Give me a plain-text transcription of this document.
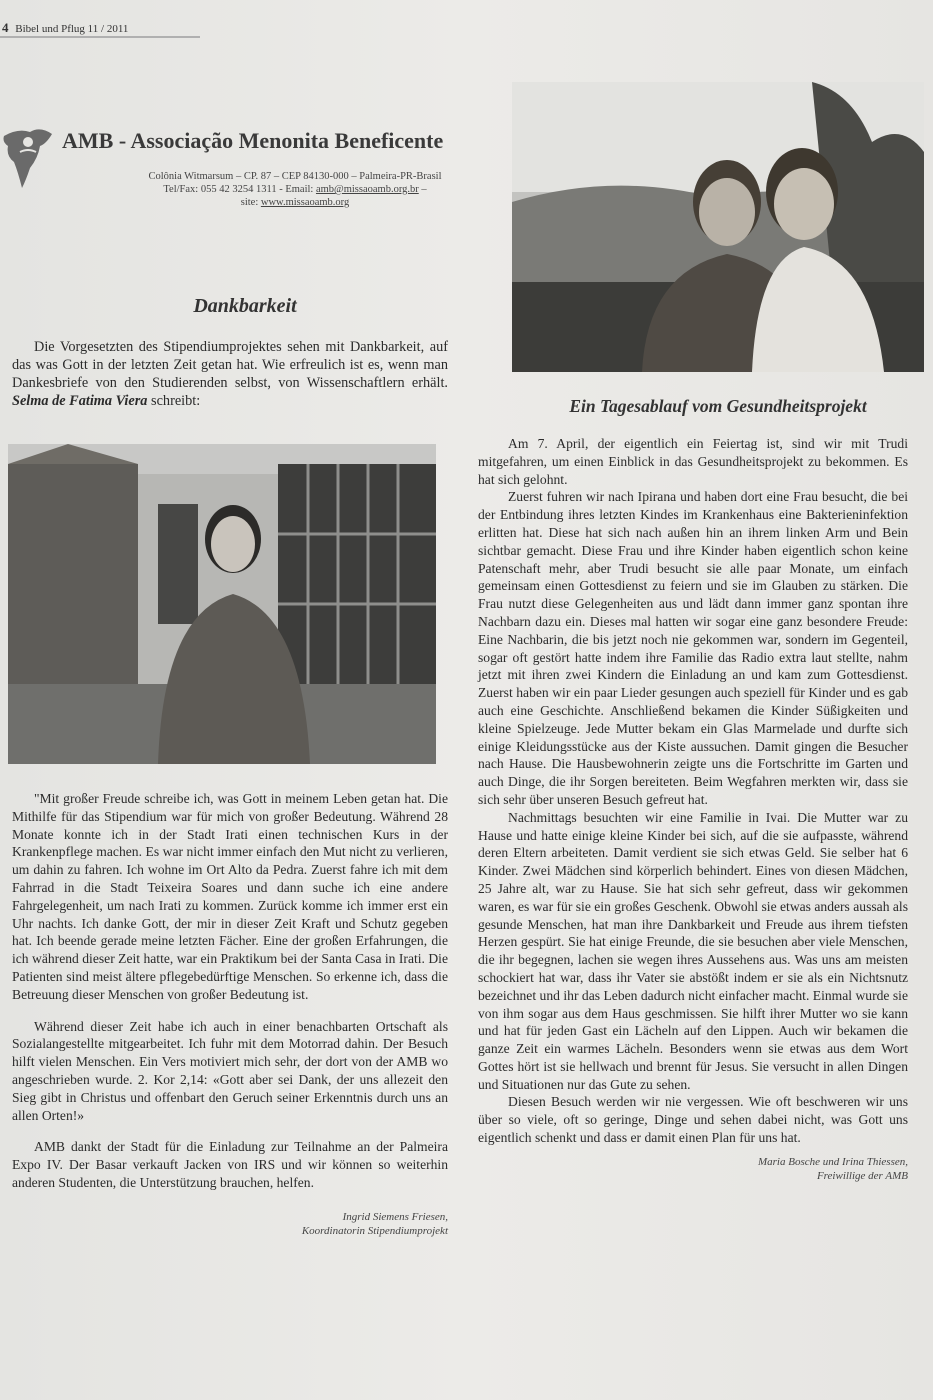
4 Bibel und Pflug 11 / 2011
AMB - Associação Menonita Beneficente
Colônia Witmarsum – CP. 87 – CEP 84130-000 – Palmeira-PR-Brasil
Tel/Fax: 055 42 3254 1311 - Email: amb@missaoamb.org.br –
site: www.missaoamb.org
Dankbarkeit
Die Vorgesetzten des Stipendiumprojektes sehen mit Dankbarkeit, auf das was Gott in der letzten Zeit getan hat. Wie erfreulich ist es, wenn man Dankesbriefe von den Studierenden selbst, von Wissenschaftlern erhält. Selma de Fatima Viera schreibt:

"Mit großer Freude schreibe ich, was Gott in meinem Leben getan hat. Die Mithilfe für das Stipendium war für mich von großer Bedeutung. Während 28 Monate konnte ich in der Stadt Irati einen technischen Kurs in der Krankenpflege machen. Es war nicht immer einfach den Mut nicht zu verlieren, um dahin zu fahren. Ich wohne im Ort Alto da Pedra. Zuerst fahre ich mit dem Fahrrad in die Stadt Teixeira Soares und dann suche ich eine andere Fahrgelegenheit, um nach Irati zu kommen. Zurück komme ich immer erst ein Uhr nachts. Ich danke Gott, der mir in dieser Zeit Kraft und Schutz gegeben hat. Ich beende gerade meine letzten Fächer. Eine der großen Erfahrungen, die ich während dieser Zeit hatte, war ein Praktikum bei der Santa Casa in Irati. Die Patienten sind meist ältere pflegebedürftige Menschen. So erkenne ich, dass die Betreuung dieser Menschen von großer Bedeutung ist.

Während dieser Zeit habe ich auch in einer benachbarten Ortschaft als Sozialangestellte mitgearbeitet. Ich fuhr mit dem Motorrad dahin. Der Besuch hilft vielen Menschen. Ein Vers motiviert mich sehr, der dort von der AMB wo angeschrieben wurde. 2. Kor 2,14: «Gott aber sei Dank, der uns allezeit den Sieg gibt in Christus und offenbart den Geruch seiner Erkenntnis durch uns an allen Orten!»

AMB dankt der Stadt für die Einladung zur Teilnahme an der Palmeira Expo IV. Der Basar verkauft Jacken von IRS und wir können so weiterhin anderen Studenten, die Unterstützung brauchen, helfen.

Ingrid Siemens Friesen,
Koordinatorin Stipendiumprojekt
Ein Tagesablauf vom Gesundheitsprojekt

Am 7. April, der eigentlich ein Feiertag ist, sind wir mit Trudi mitgefahren, um einen Einblick in das Gesundheitsprojekt zu bekommen. Es hat sich gelohnt.

Zuerst fuhren wir nach Ipirana und haben dort eine Frau besucht, die bei der Entbindung ihres letzten Kindes im Krankenhaus eine Bakterieninfektion erlitten hat. Diese hat sich nach außen hin an ihrem linken Arm und Bein sichtbar gemacht. Diese Frau und ihre Kinder haben eigentlich schon keine Patenschaft mehr, aber Trudi besucht sie alle paar Monate, um einfach gemeinsam einen Gottesdienst zu feiern und sie im Glauben zu stärken. Die Frau nutzt diese Gelegenheiten aus und lädt dann immer ganz spontan ihre Nachbarn dazu ein. Dieses mal hatten wir sogar eine ganz besondere Freude: Eine Nachbarin, die bis jetzt noch nie gekommen war, sondern im Gegenteil, sogar oft gestört hatte indem ihre Familie das Radio extra laut stellte, nahm jetzt mit ihren zwei Kindern die Einladung an und kam zum Gottesdienst. Zuerst haben wir ein paar Lieder gesungen auch speziell für Kinder und es gab auch eine Geschichte. Anschließend bekamen die Kinder Süßigkeiten und kleine Spielzeuge. Jede Mutter bekam ein Glas Marmelade und durfte sich einige Kleidungsstücke aus der Kiste aussuchen. Damit gingen die Besucher nach Hause. Die Hausbewohnerin zeigte uns die Fortschritte im Garten und auch Dinge, die ihr Sorgen bereiteten. Beim Wegfahren merkten wir, dass sie sich sehr über unseren Besuch gefreut hat.

Nachmittags besuchten wir eine Familie in Ivai. Die Mutter war zu Hause und hatte einige kleine Kinder bei sich, auf die sie aufpasste, während deren Eltern arbeiteten. Damit verdient sie sich etwas Geld. Sie selber hat 6 Kinder. Zwei Mädchen sind körperlich behindert. Eines von diesen Mädchen, 25 Jahre alt, war zu Hause. Sie hat sich sehr gefreut, dass wir gekommen waren, es war für sie ein großes Geschenk. Obwohl sie etwas anders aussah als gesunde Menschen, hat man ihre Dankbarkeit und Freude aus ihrem tiefsten Herzen gespürt. Sie hat einige Freunde, die sie besuchen aber viele Menschen, die ihr begegnen, lachen sie wegen ihres Aussehens aus. Was uns am meisten schockiert hat war, dass ihr Vater sie abstößt indem er sie als ein Nichtsnutz bezeichnet und ihr das Leben dadurch nicht einfacher macht. Einmal wurde sie von ihm sogar aus dem Haus geschmissen. Sie hilft ihrer Mutter wo sie kann und hat für jeden Gast ein Lächeln auf den Lippen. Auch wir bekamen die ganze Zeit ein warmes Lächeln. Besonders wenn sie etwas aus dem Wort Gottes hört ist sie hellwach und brennt für Jesus. Sie versucht in allen Dingen und Situationen nur das Gute zu sehen.

Diesen Besuch werden wir nie vergessen. Wie oft beschweren wir uns über so viele, oft so geringe, Dinge und sehen dabei nicht, was Gott uns eigentlich schenkt und dass er damit einen Plan für uns hat.

Maria Bosche und Irina Thiessen,
Freiwillige der AMB
